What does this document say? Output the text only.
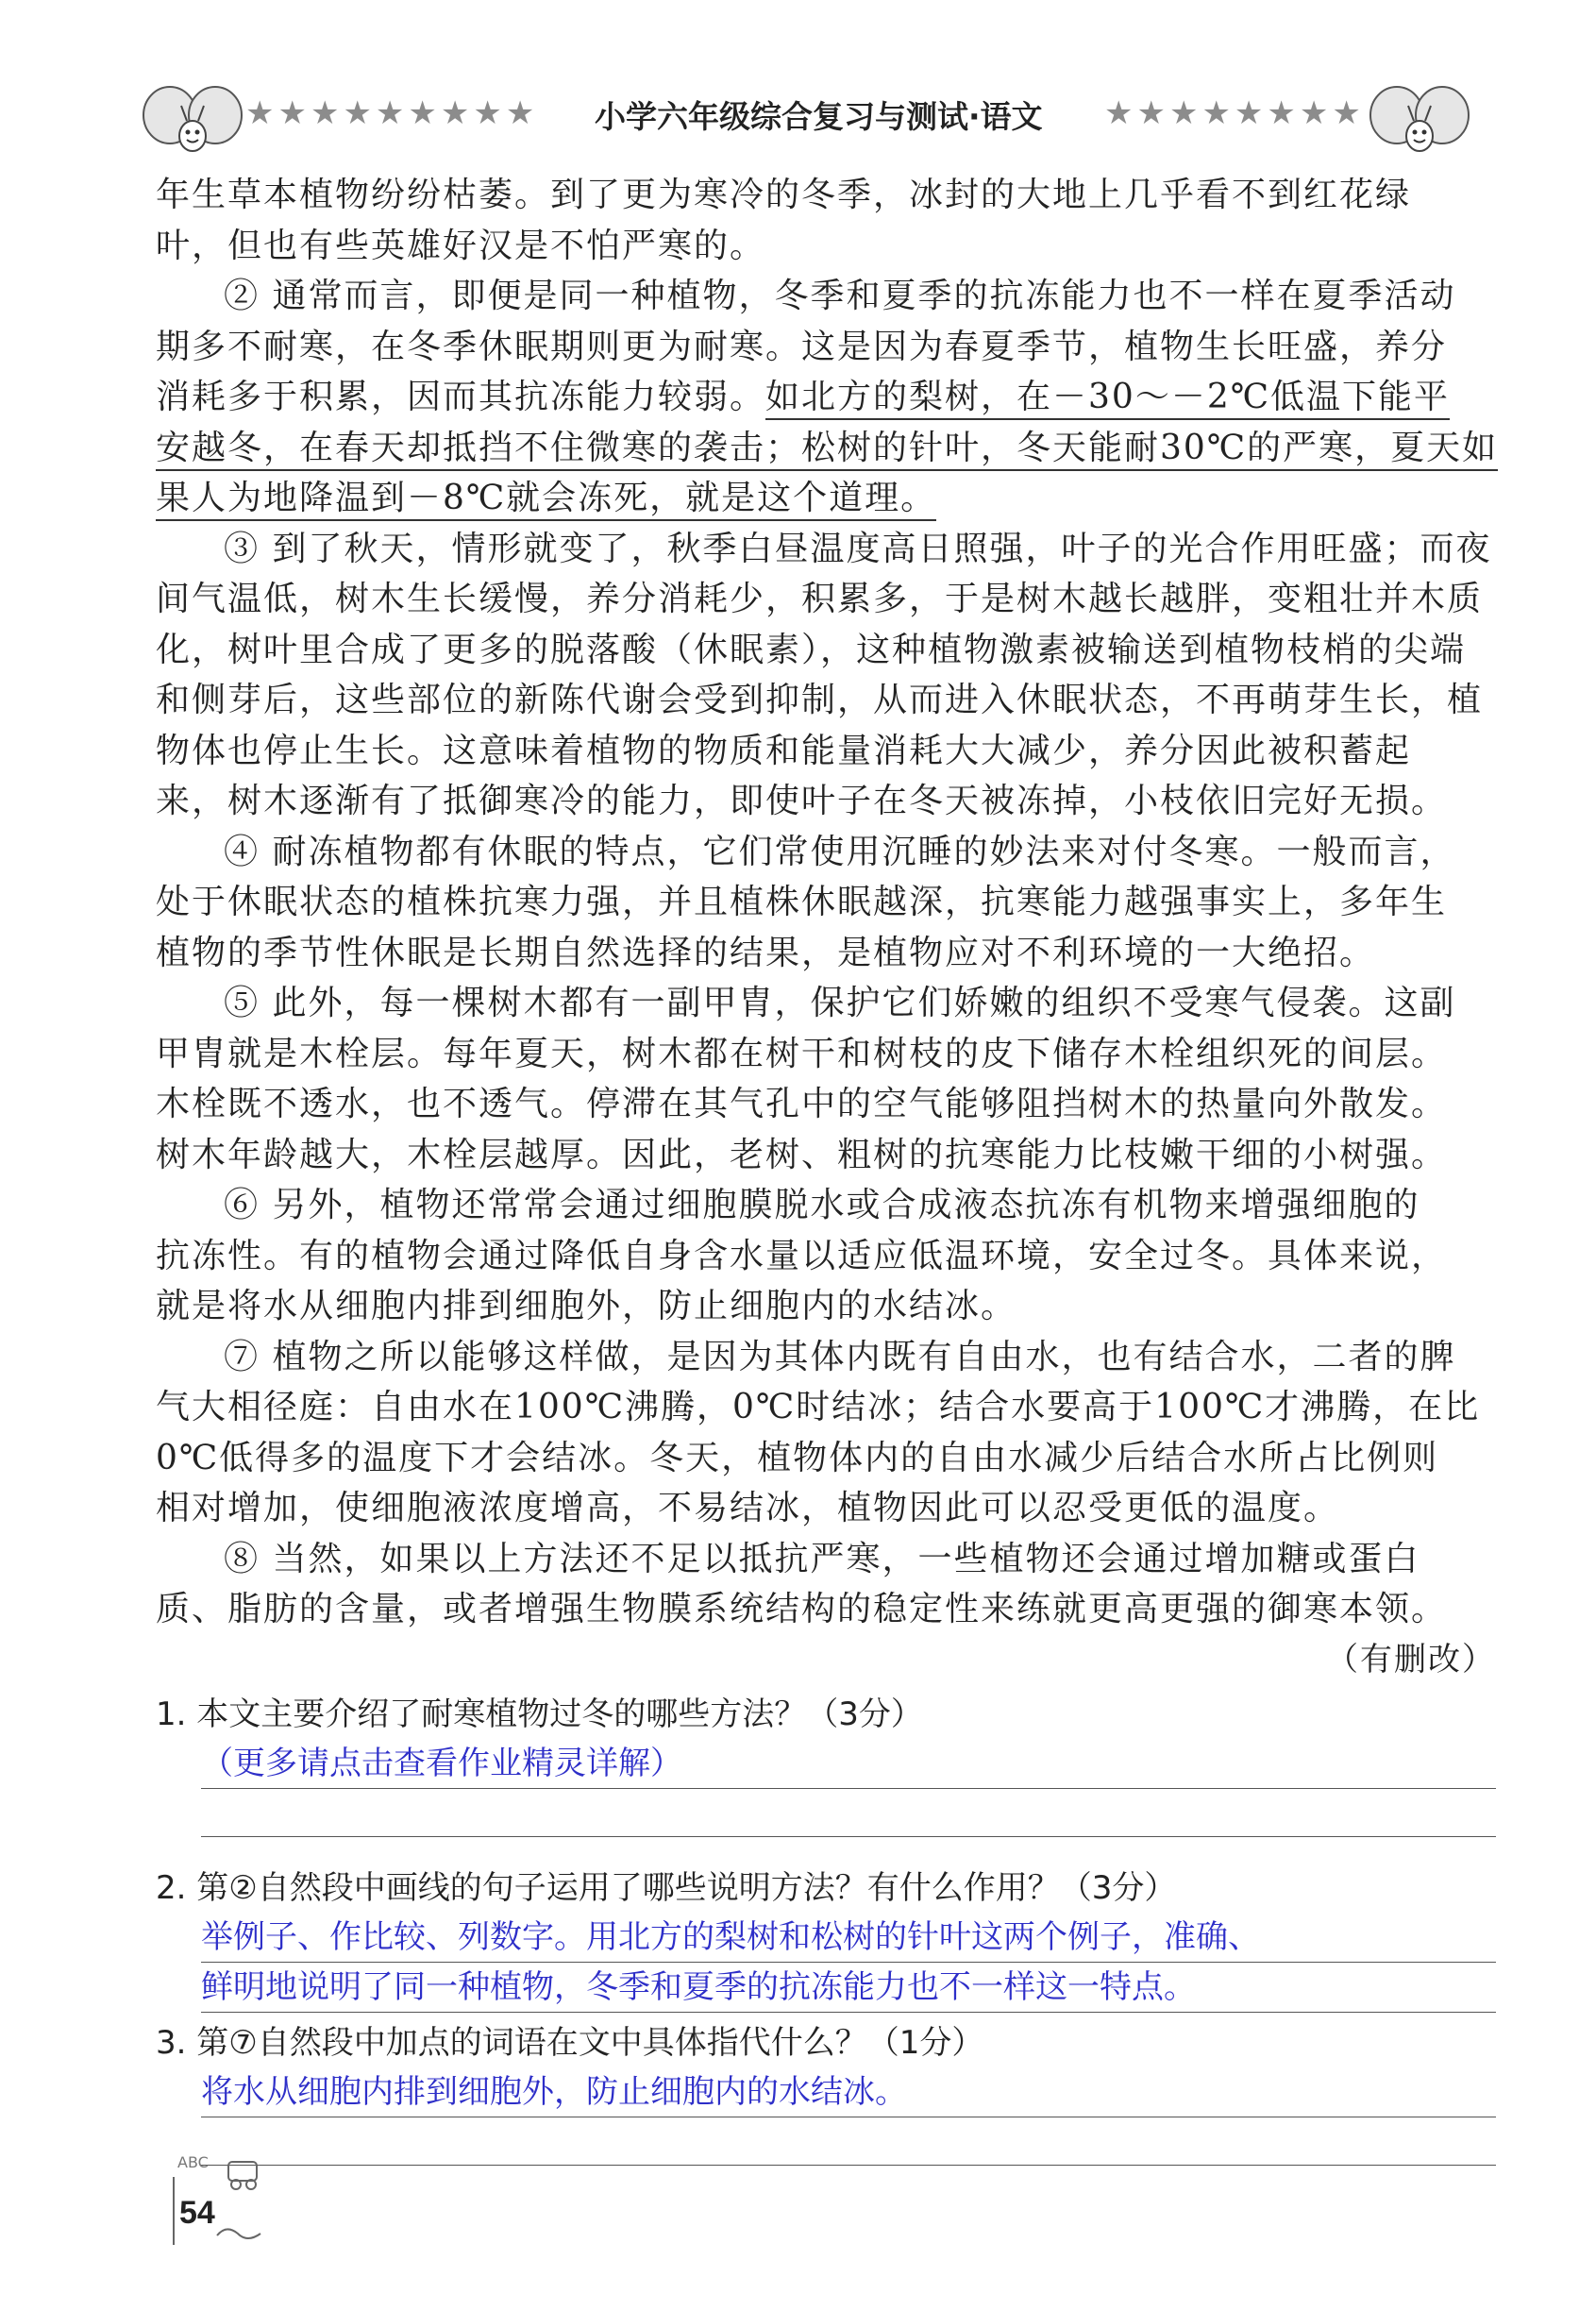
★★★★★★★★★ 小学六年级综合复习与测试·语文 ★★★★★★★★
年生草本植物纷纷枯萎。到了更为寒冷的冬季，冰封的大地上几乎看不到红花绿
叶，但也有些英雄好汉是不怕严寒的。
② 通常而言，即便是同一种植物，冬季和夏季的抗冻能力也不一样在夏季活动
期多不耐寒，在冬季休眠期则更为耐寒。这是因为春夏季节，植物生长旺盛，养分
消耗多于积累，因而其抗冻能力较弱。如北方的梨树，在－30～－2℃低温下能平
安越冬，在春天却抵挡不住微寒的袭击；松树的针叶，冬天能耐30℃的严寒，夏天如
果人为地降温到－8℃就会冻死，就是这个道理。
③ 到了秋天，情形就变了，秋季白昼温度高日照强，叶子的光合作用旺盛；而夜
间气温低，树木生长缓慢，养分消耗少，积累多，于是树木越长越胖，变粗壮并木质
化，树叶里合成了更多的脱落酸（休眠素），这种植物激素被输送到植物枝梢的尖端
和侧芽后，这些部位的新陈代谢会受到抑制，从而进入休眠状态，不再萌芽生长，植
物体也停止生长。这意味着植物的物质和能量消耗大大减少，养分因此被积蓄起
来，树木逐渐有了抵御寒冷的能力，即使叶子在冬天被冻掉，小枝依旧完好无损。
④ 耐冻植物都有休眠的特点，它们常使用沉睡的妙法来对付冬寒。一般而言，
处于休眠状态的植株抗寒力强，并且植株休眠越深，抗寒能力越强事实上，多年生
植物的季节性休眠是长期自然选择的结果，是植物应对不利环境的一大绝招。
⑤ 此外，每一棵树木都有一副甲胄，保护它们娇嫩的组织不受寒气侵袭。这副
甲胄就是木栓层。每年夏天，树木都在树干和树枝的皮下储存木栓组织死的间层。
木栓既不透水，也不透气。停滞在其气孔中的空气能够阻挡树木的热量向外散发。
树木年龄越大，木栓层越厚。因此，老树、粗树的抗寒能力比枝嫩干细的小树强。
⑥ 另外，植物还常常会通过细胞膜脱水或合成液态抗冻有机物来增强细胞的
抗冻性。有的植物会通过降低自身含水量以适应低温环境，安全过冬。具体来说，
就是将水从细胞内排到细胞外，防止细胞内的水结冰。
⑦ 植物之所以能够这样做，是因为其体内既有自由水，也有结合水，二者的脾
气大相径庭：自由水在100℃沸腾，0℃时结冰；结合水要高于100℃才沸腾，在比
0℃低得多的温度下才会结冰。冬天，植物体内的自由水减少后结合水所占比例则
相对增加，使细胞液浓度增高，不易结冰，植物因此可以忍受更低的温度。
⑧ 当然，如果以上方法还不足以抵抗严寒，一些植物还会通过增加糖或蛋白
质、脂肪的含量，或者增强生物膜系统结构的稳定性来练就更高更强的御寒本领。
（有删改）
1. 本文主要介绍了耐寒植物过冬的哪些方法？（3分）
（更多请点击查看作业精灵详解）
2. 第②自然段中画线的句子运用了哪些说明方法？有什么作用？（3分）
举例子、作比较、列数字。用北方的梨树和松树的针叶这两个例子，准确、
鲜明地说明了同一种植物，冬季和夏季的抗冻能力也不一样这一特点。
3. 第⑦自然段中加点的词语在文中具体指代什么？（1分）
将水从细胞内排到细胞外，防止细胞内的水结冰。
ABC
54
